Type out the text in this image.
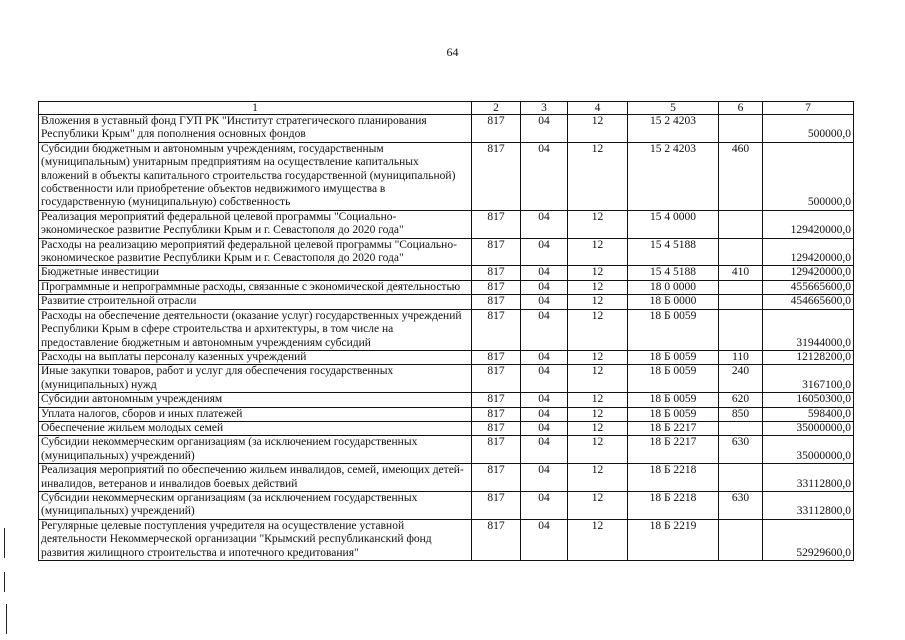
64
1	2	3	4	5	6	7
Вложения в уставный фонд ГУП РК "Институт стратегического планирования Республики Крым" для пополнения основных фондов	817	04	12	15 2 4203		500000,0
Субсидии бюджетным и автономным учреждениям, государственным (муниципальным) унитарным предприятиям на осуществление капитальных вложений в объекты капитального строительства государственной (муниципальной) собственности или приобретение объектов недвижимого имущества в государственную (муниципальную) собственность	817	04	12	15 2 4203	460	500000,0
Реализация мероприятий федеральной целевой программы "Социально-экономическое развитие Республики Крым и г. Севастополя до 2020 года"	817	04	12	15 4 0000		129420000,0
Расходы на реализацию мероприятий федеральной целевой программы "Социально-экономическое развитие Республики Крым и г. Севастополя до 2020 года"	817	04	12	15 4 5188		129420000,0
Бюджетные инвестиции	817	04	12	15 4 5188	410	129420000,0
Программные и непрограммные расходы, связанные с экономической деятельностью	817	04	12	18 0 0000		455665600,0
Развитие строительной отрасли	817	04	12	18 Б 0000		454665600,0
Расходы на обеспечение деятельности (оказание услуг) государственных учреждений Республики Крым в сфере строительства и архитектуры, в том числе на предоставление бюджетным и автономным учреждениям субсидий	817	04	12	18 Б 0059		31944000,0
Расходы на выплаты персоналу казенных учреждений	817	04	12	18 Б 0059	110	12128200,0
Иные закупки товаров, работ и услуг для обеспечения государственных (муниципальных) нужд	817	04	12	18 Б 0059	240	3167100,0
Субсидии автономным учреждениям	817	04	12	18 Б 0059	620	16050300,0
Уплата налогов, сборов и иных платежей	817	04	12	18 Б 0059	850	598400,0
Обеспечение жильем молодых семей	817	04	12	18 Б 2217		35000000,0
Субсидии некоммерческим организациям (за исключением государственных (муниципальных) учреждений)	817	04	12	18 Б 2217	630	35000000,0
Реализация мероприятий по обеспечению жильем инвалидов, семей, имеющих детей-инвалидов, ветеранов и инвалидов боевых действий	817	04	12	18 Б 2218		33112800,0
Субсидии некоммерческим организациям (за исключением государственных (муниципальных) учреждений)	817	04	12	18 Б 2218	630	33112800,0
Регулярные целевые поступления учредителя на осуществление уставной деятельности Некоммерческой организации "Крымский республиканский фонд развития жилищного строительства и ипотечного кредитования"	817	04	12	18 Б 2219		52929600,0
